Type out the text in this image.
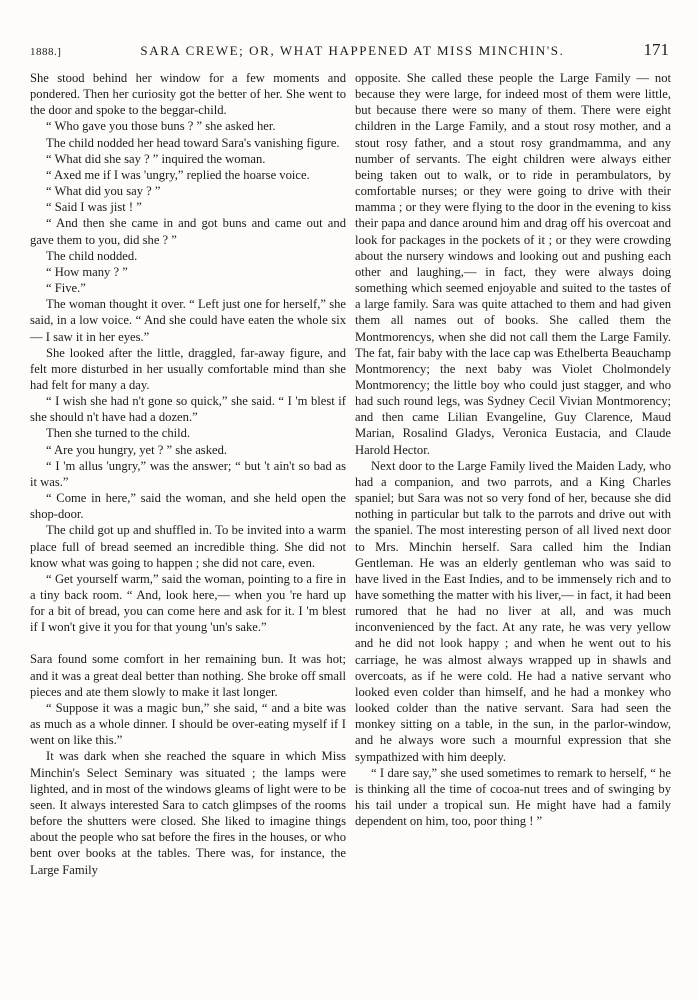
1888.]	SARA CREWE; OR, WHAT HAPPENED AT MISS MINCHIN'S.	171

She stood behind her window for a few moments and pondered. Then her curiosity got the better of her. She went to the door and spoke to the beggar-child.

“ Who gave you those buns ? ” she asked her.

The child nodded her head toward Sara's vanishing figure.

“ What did she say ? ” inquired the woman.

“ Axed me if I was 'ungry,” replied the hoarse voice.

“ What did you say ? ”

“ Said I was jist ! ”

“ And then she came in and got buns and came out and gave them to you, did she ? ”

The child nodded.

“ How many ? ”

“ Five.”

The woman thought it over. “ Left just one for herself,” she said, in a low voice. “ And she could have eaten the whole six — I saw it in her eyes.”

She looked after the little, draggled, far-away figure, and felt more disturbed in her usually comfortable mind than she had felt for many a day.

“ I wish she had n't gone so quick,” she said. “ I 'm blest if she should n't have had a dozen.”

Then she turned to the child.

“ Are you hungry, yet ? ” she asked.

“ I 'm allus 'ungry,” was the answer; “ but 't ain't so bad as it was.”

“ Come in here,” said the woman, and she held open the shop-door.

The child got up and shuffled in. To be invited into a warm place full of bread seemed an incredible thing. She did not know what was going to happen ; she did not care, even.

“ Get yourself warm,” said the woman, pointing to a fire in a tiny back room. “ And, look here,— when you 're hard up for a bit of bread, you can come here and ask for it. I 'm blest if I won't give it you for that young 'un's sake.”

Sara found some comfort in her remaining bun. It was hot; and it was a great deal better than nothing. She broke off small pieces and ate them slowly to make it last longer.

“ Suppose it was a magic bun,” she said, “ and a bite was as much as a whole dinner. I should be over-eating myself if I went on like this.”

It was dark when she reached the square in which Miss Minchin's Select Seminary was situated ; the lamps were lighted, and in most of the windows gleams of light were to be seen. It always interested Sara to catch glimpses of the rooms before the shutters were closed. She liked to imagine things about the people who sat before the fires in the houses, or who bent over books at the tables. There was, for instance, the Large Family

opposite. She called these people the Large Family — not because they were large, for indeed most of them were little, but because there were so many of them. There were eight children in the Large Family, and a stout rosy mother, and a stout rosy father, and a stout rosy grandmamma, and any number of servants. The eight children were always either being taken out to walk, or to ride in perambulators, by comfortable nurses; or they were going to drive with their mamma ; or they were flying to the door in the evening to kiss their papa and dance around him and drag off his overcoat and look for packages in the pockets of it ; or they were crowding about the nursery windows and looking out and pushing each other and laughing,— in fact, they were always doing something which seemed enjoyable and suited to the tastes of a large family. Sara was quite attached to them and had given them all names out of books. She called them the Montmorencys, when she did not call them the Large Family. The fat, fair baby with the lace cap was Ethelberta Beauchamp Montmorency; the next baby was Violet Cholmondely Montmorency; the little boy who could just stagger, and who had such round legs, was Sydney Cecil Vivian Montmorency; and then came Lilian Evangeline, Guy Clarence, Maud Marian, Rosalind Gladys, Veronica Eustacia, and Claude Harold Hector.

Next door to the Large Family lived the Maiden Lady, who had a companion, and two parrots, and a King Charles spaniel; but Sara was not so very fond of her, because she did nothing in particular but talk to the parrots and drive out with the spaniel. The most interesting person of all lived next door to Mrs. Minchin herself. Sara called him the Indian Gentleman. He was an elderly gentleman who was said to have lived in the East Indies, and to be immensely rich and to have something the matter with his liver,— in fact, it had been rumored that he had no liver at all, and was much inconvenienced by the fact. At any rate, he was very yellow and he did not look happy ; and when he went out to his carriage, he was almost always wrapped up in shawls and overcoats, as if he were cold. He had a native servant who looked even colder than himself, and he had a monkey who looked colder than the native servant. Sara had seen the monkey sitting on a table, in the sun, in the parlor-window, and he always wore such a mournful expression that she sympathized with him deeply.

“ I dare say,” she used sometimes to remark to herself, “ he is thinking all the time of cocoa-nut trees and of swinging by his tail under a tropical sun. He might have had a family dependent on him, too, poor thing ! ”
